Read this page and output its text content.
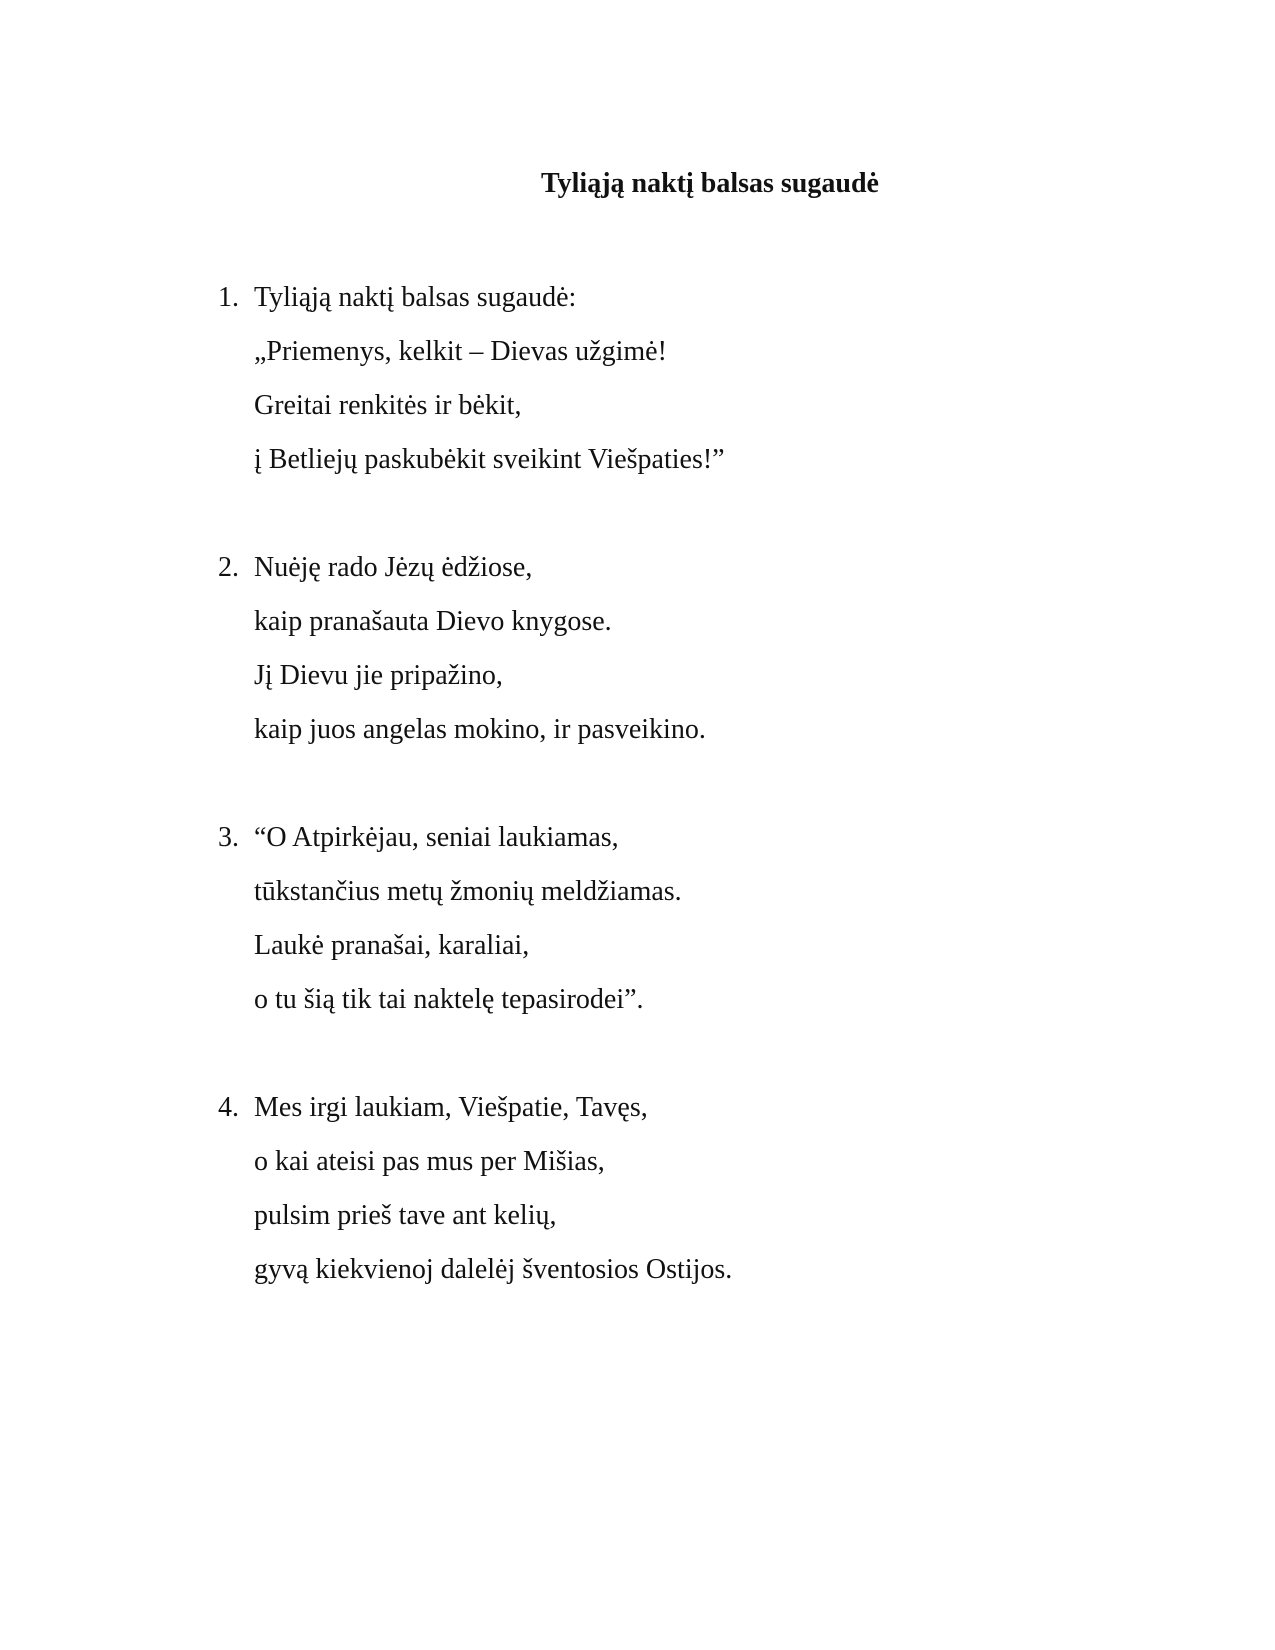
Tyliąją naktį balsas sugaudė
1. Tyliąją naktį balsas sugaudė:
„Priemenys, kelkit – Dievas užgimė!
Greitai renkitės ir bėkit,
į Betliejų paskubėkit sveikint Viešpaties!”
2. Nuėję rado Jėzų ėdžiose,
kaip pranašauta Dievo knygose.
Jį Dievu jie pripažino,
kaip juos angelas mokino, ir pasveikino.
3. “O Atpirkėjau, seniai laukiamas,
tūkstančius metų žmonių meldžiamas.
Laukė pranašai, karaliai,
o tu šią tik tai naktelę tepasirodei”.
4. Mes irgi laukiam, Viešpatie, Tavęs,
o kai ateisi pas mus per Mišias,
pulsim prieš tave ant kelių,
gyvą kiekvienoj dalelėj šventosios Ostijos.
